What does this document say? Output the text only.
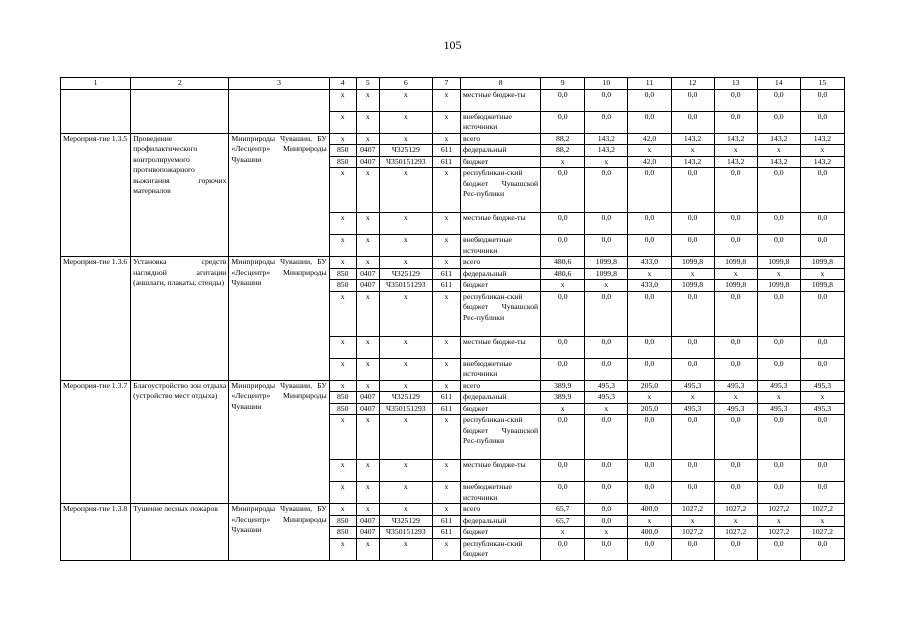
105
1	2	3	4	5	6	7	8	9	10	11	12	13	14	15
			x	x	x	x	местные бюдже-ты	0,0	0,0	0,0	0,0	0,0	0,0	0,0
			x	x	x	x	внебюджетные источники	0,0	0,0	0,0	0,0	0,0	0,0	0,0
Мероприя-тие 1.3.5	Проведение профилактического контролируемого противопожарного выжигания горючих материалов	Минприроды Чувашии, БУ «Лесцентр» Минприроды Чувашии	x	x	x	x	всего	88,2	143,2	42,0	143,2	143,2	143,2	143,2
			850	0407	Ч325129	611	федеральный	88,2	143,2	x	x	x	x	x
			850	0407	Ч350151293	611	бюджет	x	x	42,0	143,2	143,2	143,2	143,2
			x	x	x	x	республикан-ский бюджет Чувашской Рес-публики	0,0	0,0	0,0	0,0	0,0	0,0	0,0
			x	x	x	x	местные бюдже-ты	0,0	0,0	0,0	0,0	0,0	0,0	0,0
			x	x	x	x	внебюджетные источники	0,0	0,0	0,0	0,0	0,0	0,0	0,0
Мероприя-тие 1.3.6	Установка средств наглядной агитации (аншлаги, плакаты, стенды)	Минприроды Чувашии, БУ «Лесцентр» Минприроды Чувашии	x	x	x	x	всего	480,6	1099,8	433,0	1099,8	1099,8	1099,8	1099,8
			850	0407	Ч325129	611	федеральный	480,6	1099,8	x	x	x	x	x
			850	0407	Ч350151293	611	бюджет	x	x	433,0	1099,8	1099,8	1099,8	1099,8
			x	x	x	x	республикан-ский бюджет Чувашской Рес-публики	0,0	0,0	0,0	0,0	0,0	0,0	0,0
			x	x	x	x	местные бюдже-ты	0,0	0,0	0,0	0,0	0,0	0,0	0,0
			x	x	x	x	внебюджетные источники	0,0	0,0	0,0	0,0	0,0	0,0	0,0
Мероприя-тие 1.3.7	Благоустройство зон отдыха (устройство мест отдыха)	Минприроды Чувашии, БУ «Лесцентр» Минприроды Чувашии	x	x	x	x	всего	389,9	495,3	205,0	495,3	495,3	495,3	495,3
			850	0407	Ч325129	611	федеральный	389,9	495,3	x	x	x	x	x
			850	0407	Ч350151293	611	бюджет	x	x	205,0	495,3	495,3	495,3	495,3
			x	x	x	x	республикан-ский бюджет Чувашской Рес-публики	0,0	0,0	0,0	0,0	0,0	0,0	0,0
			x	x	x	x	местные бюдже-ты	0,0	0,0	0,0	0,0	0,0	0,0	0,0
			x	x	x	x	внебюджетные источники	0,0	0,0	0,0	0,0	0,0	0,0	0,0
Мероприя-тие 1.3.8	Тушение лесных пожаров	Минприроды Чувашии, БУ «Лесцентр» Минприроды Чувашии	x	x	x	x	всего	65,7	0,0	400,0	1027,2	1027,2	1027,2	1027,2
			850	0407	Ч325129	611	федеральный	65,7	0,0	x	x	x	x	x
			850	0407	Ч350151293	611	бюджет	x	x	400,0	1027,2	1027,2	1027,2	1027,2
			x	x	x	x	республикан-ский бюджет	0,0	0,0	0,0	0,0	0,0	0,0	0,0
